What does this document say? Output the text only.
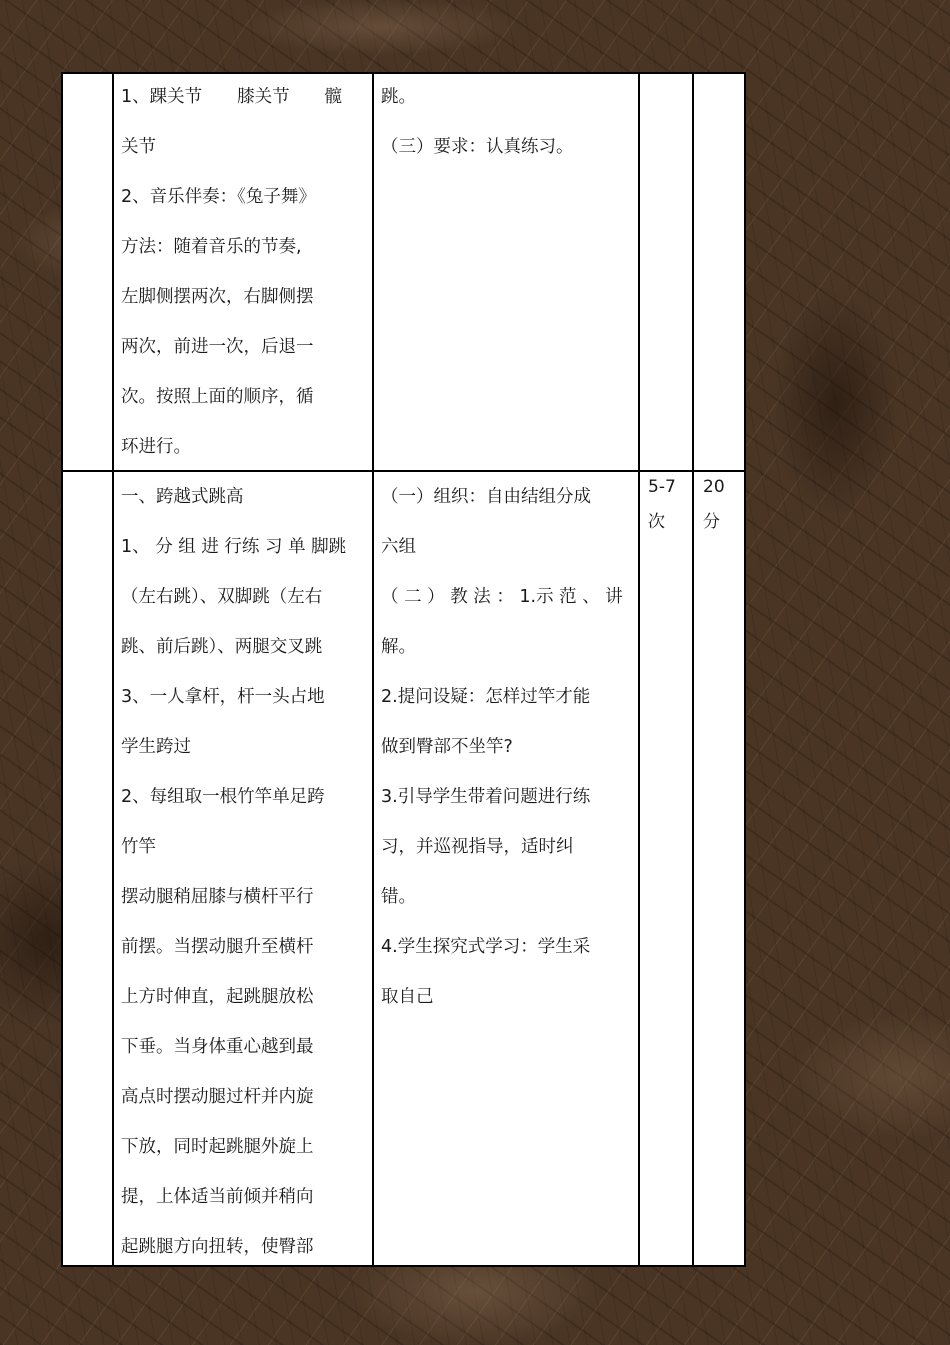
1、踝关节　　膝关节　　髋

关节

2、音乐伴奏：《兔子舞》

方法：随着音乐的节奏,

左脚侧摆两次，右脚侧摆

两次，前进一次，后退一

次。按照上面的顺序，循

环进行。

跳。

（三）要求：认真练习。

一、跨越式跳高

1、 分 组 进 行练 习 单 脚跳

（左右跳）、双脚跳（左右

跳、前后跳）、两腿交叉跳

3、一人拿杆，杆一头占地

学生跨过

2、每组取一根竹竿单足跨

竹竿

摆动腿稍屈膝与横杆平行

前摆。当摆动腿升至横杆

上方时伸直，起跳腿放松

下垂。当身体重心越到最

高点时摆动腿过杆并内旋

下放，同时起跳腿外旋上

提，上体适当前倾并稍向

起跳腿方向扭转，使臀部

（一）组织：自由结组分成

六组

（ 二 ） 教 法 ： 1.示 范 、 讲

解。

2.提问设疑：怎样过竿才能

做到臀部不坐竿?

3.引导学生带着问题进行练

习，并巡视指导，适时纠

错。

4.学生探究式学习：学生采

取自己

5-7

次

20

分
